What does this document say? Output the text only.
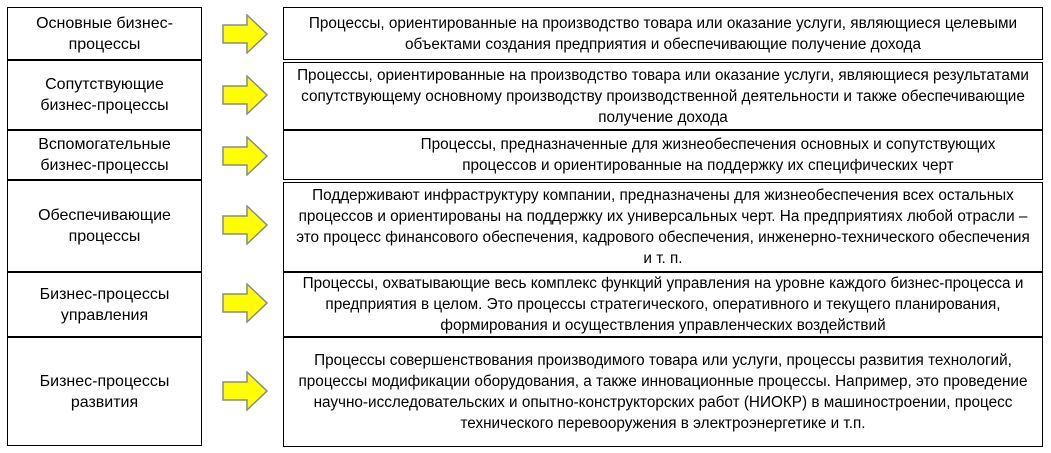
Основные бизнес-процессы
Процессы, ориентированные на производство товара или оказание услуги, являющиеся целевыми объектами создания предприятия и обеспечивающие получение дохода
Сопутствующие бизнес-процессы
Процессы, ориентированные на производство товара или оказание услуги, являющиеся результатами сопутствующему основному производству производственной деятельности и также обеспечивающие получение дохода
Вспомогательные бизнес-процессы
Процессы, предназначенные для жизнеобеспечения основных и сопутствующих процессов и ориентированные на поддержку их специфических черт
Обеспечивающие процессы
Поддерживают инфраструктуру компании, предназначены для жизнеобеспечения всех остальных процессов и ориентированы на поддержку их универсальных черт. На предприятиях любой отрасли – это процесс финансового обеспечения, кадрового обеспечения, инженерно-технического обеспечения и т. п.
Бизнес-процессы управления
Процессы, охватывающие весь комплекс функций управления на уровне каждого бизнес-процесса и предприятия в целом. Это процессы стратегического, оперативного и текущего планирования, формирования и осуществления управленческих воздействий
Бизнес-процессы развития
Процессы совершенствования производимого товара или услуги, процессы развития технологий, процессы модификации оборудования, а также инновационные процессы. Например, это проведение научно-исследовательских и опытно-конструкторских работ (НИОКР) в машиностроении, процесс технического перевооружения в электроэнергетике и т.п.
